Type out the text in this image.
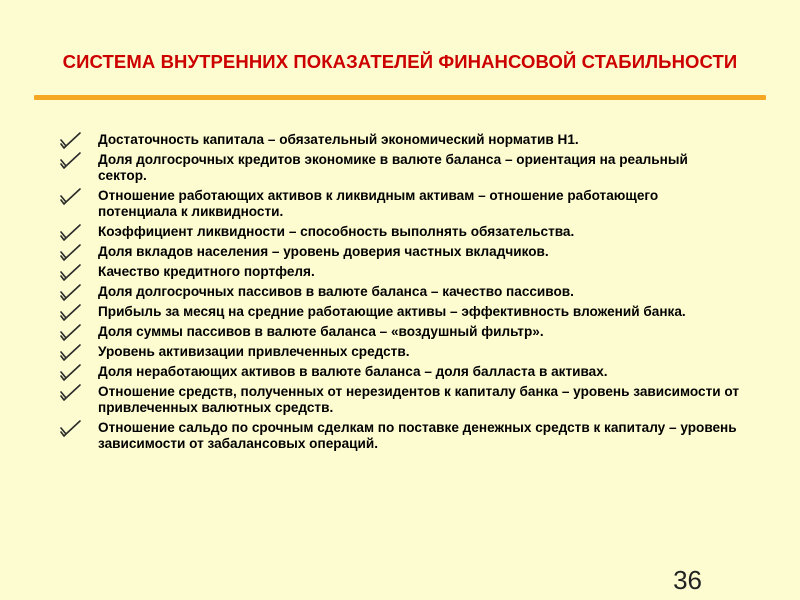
СИСТЕМА ВНУТРЕННИХ ПОКАЗАТЕЛЕЙ ФИНАНСОВОЙ СТАБИЛЬНОСТИ
Достаточность капитала – обязательный экономический норматив Н1.
Доля долгосрочных кредитов экономике в валюте баланса – ориентация на реальный сектор.
Отношение работающих активов к ликвидным активам – отношение работающего потенциала к ликвидности.
Коэффициент ликвидности – способность выполнять обязательства.
Доля вкладов населения – уровень доверия частных вкладчиков.
Качество кредитного портфеля.
Доля долгосрочных пассивов в валюте баланса – качество пассивов.
Прибыль за месяц на средние работающие активы – эффективность вложений банка.
Доля суммы пассивов в валюте баланса – «воздушный фильтр».
Уровень активизации привлеченных средств.
Доля неработающих активов в валюте баланса – доля балласта в активах.
Отношение средств, полученных от нерезидентов к капиталу банка – уровень зависимости от привлеченных валютных средств.
Отношение сальдо по срочным сделкам по поставке денежных средств к капиталу – уровень зависимости от забалансовых операций.
36
